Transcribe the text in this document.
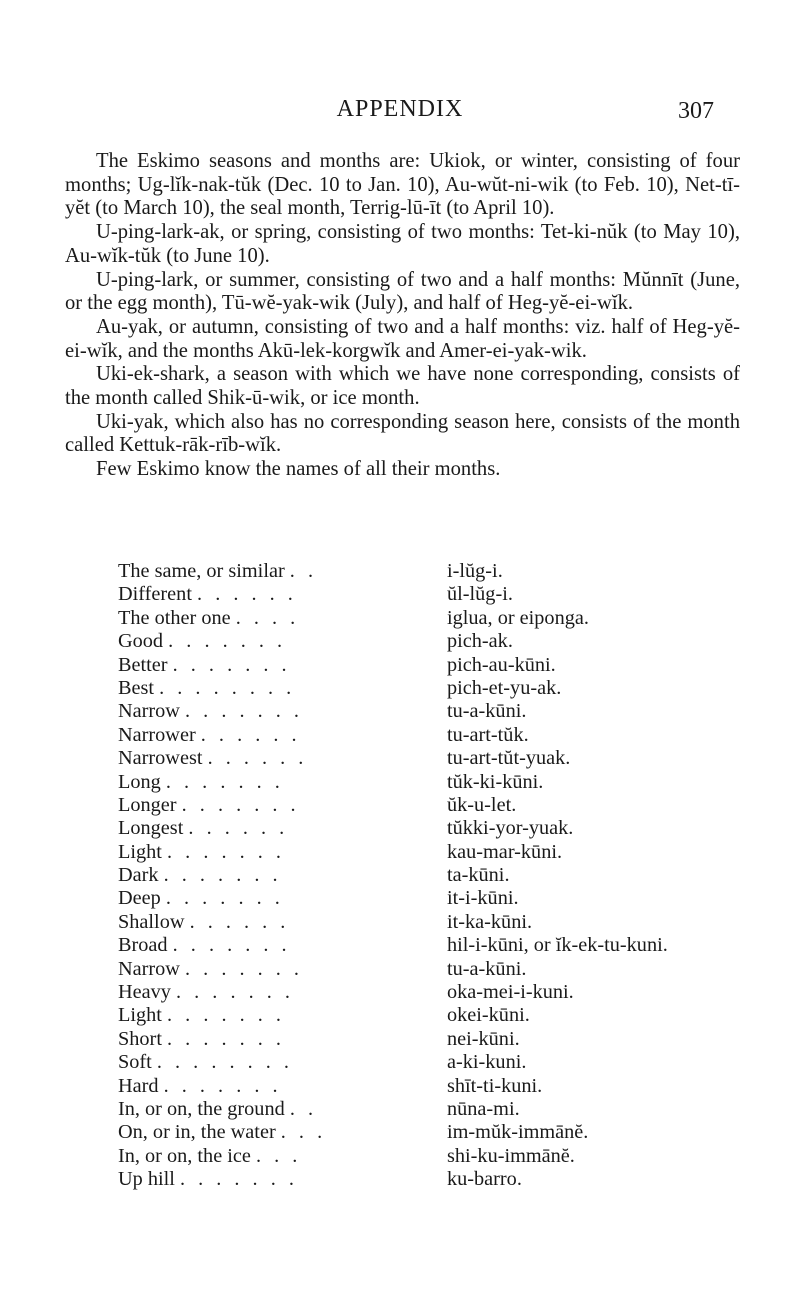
APPENDIX	307

The Eskimo seasons and months are: Ukiok, or winter, consisting of four months; Ug-lĭk-nak-tŭk (Dec. 10 to Jan. 10), Au-wŭt-ni-wik (to Feb. 10), Net-tī-yĕt (to March 10), the seal month, Terrig-lū-īt (to April 10).

U-ping-lark-ak, or spring, consisting of two months: Tet-ki-nŭk (to May 10), Au-wĭk-tŭk (to June 10).

U-ping-lark, or summer, consisting of two and a half months: Mŭnnīt (June, or the egg month), Tū-wĕ-yak-wik (July), and half of Heg-yĕ-ei-wĭk.

Au-yak, or autumn, consisting of two and a half months: viz. half of Heg-yĕ-ei-wĭk, and the months Akū-lek-korgwĭk and Amer-ei-yak-wik.

Uki-ek-shark, a season with which we have none corresponding, consists of the month called Shik-ū-wik, or ice month.

Uki-yak, which also has no corresponding season here, consists of the month called Kettuk-rāk-rīb-wĭk.

Few Eskimo know the names of all their months.

The same, or similar . .	i-lŭg-i.
Different . . . . . .	ŭl-lŭg-i.
The other one . . . .	iglua, or eiponga.
Good . . . . . . .	pich-ak.
Better . . . . . . .	pich-au-kūni.
Best . . . . . . . .	pich-et-yu-ak.
Narrow . . . . . . .	tu-a-kūni.
Narrower . . . . . .	tu-art-tŭk.
Narrowest . . . . . .	tu-art-tŭt-yuak.
Long . . . . . . .	tŭk-ki-kūni.
Longer . . . . . . .	ŭk-u-let.
Longest . . . . . .	tŭkki-yor-yuak.
Light . . . . . . .	kau-mar-kūni.
Dark . . . . . . .	ta-kūni.
Deep . . . . . . .	it-i-kūni.
Shallow . . . . . .	it-ka-kūni.
Broad . . . . . . .	hil-i-kūni, or ĭk-ek-tu-kuni.
Narrow . . . . . . .	tu-a-kūni.
Heavy . . . . . . .	oka-mei-i-kuni.
Light . . . . . . .	okei-kūni.
Short . . . . . . .	nei-kūni.
Soft . . . . . . . .	a-ki-kuni.
Hard . . . . . . .	shīt-ti-kuni.
In, or on, the ground . .	nūna-mi.
On, or in, the water . . .	im-mŭk-immānĕ.
In, or on, the ice . . .	shi-ku-immānĕ.
Up hill . . . . . . .	ku-barro.
